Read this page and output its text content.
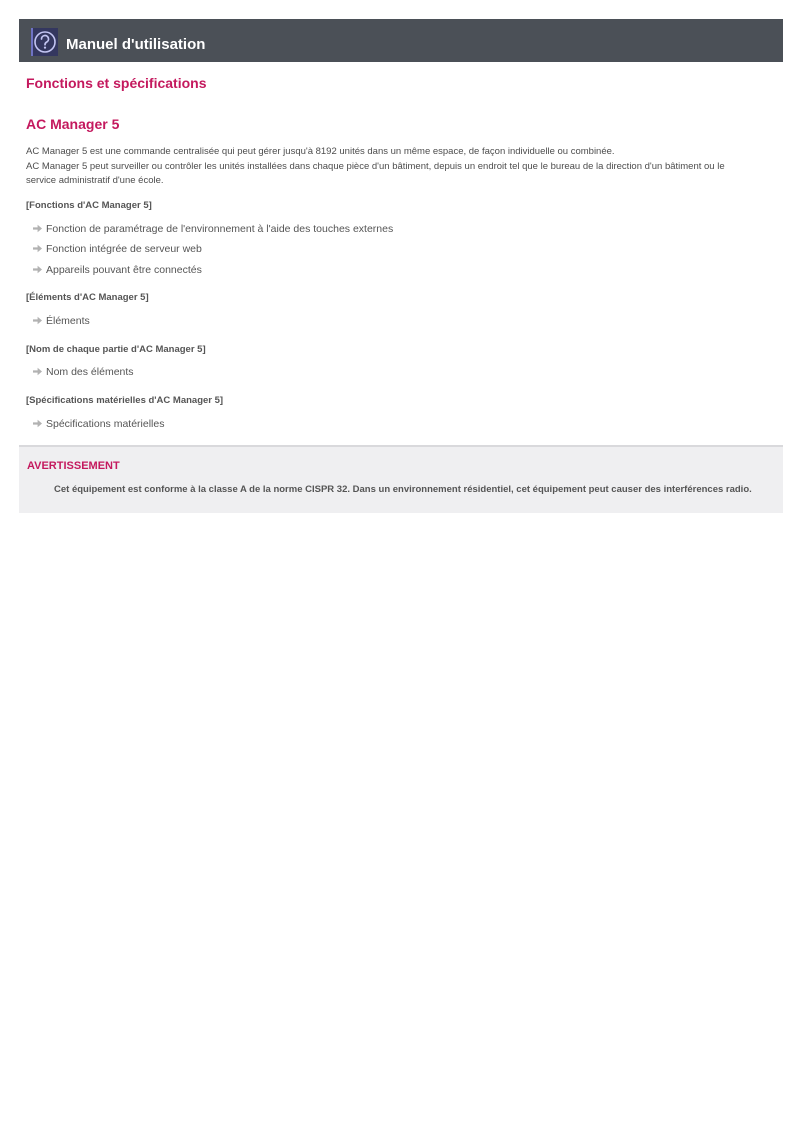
Manuel d'utilisation
Fonctions et spécifications
AC Manager 5

AC Manager 5 est une commande centralisée qui peut gérer jusqu'à 8192 unités dans un même espace, de façon individuelle ou combinée.

AC Manager 5 peut surveiller ou contrôler les unités installées dans chaque pièce d'un bâtiment, depuis un endroit tel que le bureau de la direction d'un bâtiment ou le service administratif d'une école.

[Fonctions d'AC Manager 5]
Fonction de paramétrage de l'environnement à l'aide des touches externes
Fonction intégrée de serveur web
Appareils pouvant être connectés
[Éléments d'AC Manager 5]
Éléments
[Nom de chaque partie d'AC Manager 5]
Nom des éléments
[Spécifications matérielles d'AC Manager 5]
Spécifications matérielles
AVERTISSEMENT
Cet équipement est conforme à la classe A de la norme CISPR 32. Dans un environnement résidentiel, cet équipement peut causer des interférences radio.
